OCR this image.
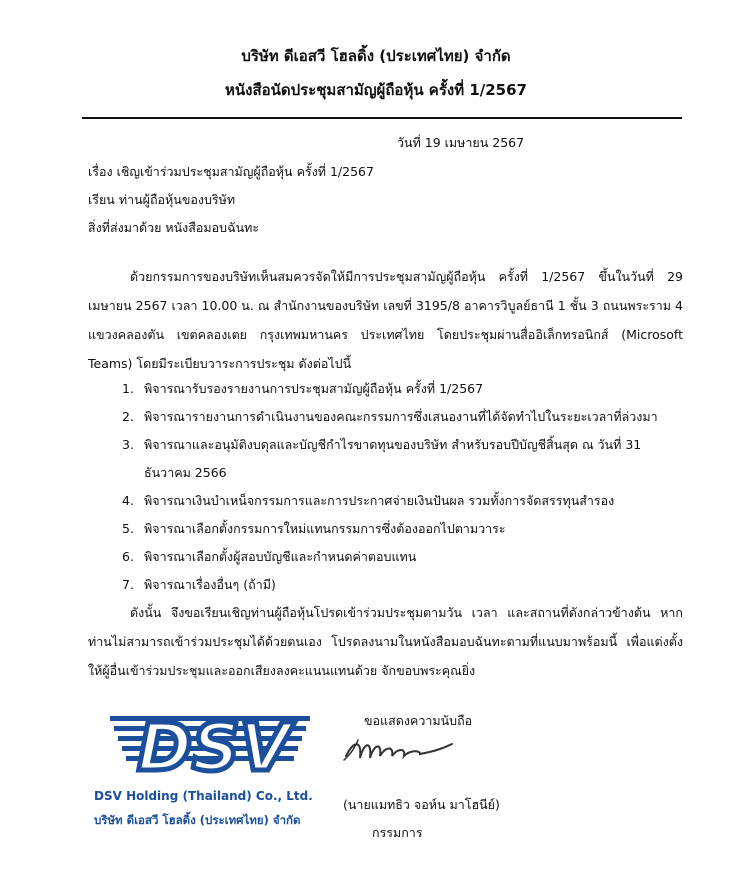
บริษัท ดีเอสวี โฮลดิ้ง (ประเทศไทย) จำกัด
หนังสือนัดประชุมสามัญผู้ถือหุ้น ครั้งที่ 1/2567
วันที่ 19 เมษายน 2567
เรื่อง เชิญเข้าร่วมประชุมสามัญผู้ถือหุ้น ครั้งที่ 1/2567
เรียน ท่านผู้ถือหุ้นของบริษัท
สิ่งที่ส่งมาด้วย หนังสือมอบฉันทะ
ด้วยกรรมการของบริษัทเห็นสมควรจัดให้มีการประชุมสามัญผู้ถือหุ้น ครั้งที่ 1/2567 ขึ้นในวันที่ 29 เมษายน 2567 เวลา 10.00 น. ณ สำนักงานของบริษัท เลขที่ 3195/8 อาคารวิบูลย์ธานี 1 ชั้น 3 ถนนพระราม 4 แขวงคลองตัน เขตคลองเตย กรุงเทพมหานคร ประเทศไทย โดยประชุมผ่านสื่ออิเล็กทรอนิกส์ (Microsoft Teams) โดยมีระเบียบวาระการประชุม ดังต่อไปนี้
1. พิจารณารับรองรายงานการประชุมสามัญผู้ถือหุ้น ครั้งที่ 1/2567
2. พิจารณารายงานการดำเนินงานของคณะกรรมการซึ่งเสนองานที่ได้จัดทำไปในระยะเวลาที่ล่วงมา
3. พิจารณาและอนุมัติงบดุลและบัญชีกำไรขาดทุนของบริษัท สำหรับรอบปีบัญชีสิ้นสุด ณ วันที่ 31 ธันวาคม 2566
4. พิจารณาเงินบำเหน็จกรรมการและการประกาศจ่ายเงินปันผล รวมทั้งการจัดสรรทุนสำรอง
5. พิจารณาเลือกตั้งกรรมการใหม่แทนกรรมการซึ่งต้องออกไปตามวาระ
6. พิจารณาเลือกตั้งผู้สอบบัญชีและกำหนดค่าตอบแทน
7. พิจารณาเรื่องอื่นๆ (ถ้ามี)
ดังนั้น จึงขอเรียนเชิญท่านผู้ถือหุ้นโปรดเข้าร่วมประชุมตามวัน เวลา และสถานที่ดังกล่าวข้างต้น หากท่านไม่สามารถเข้าร่วมประชุมได้ด้วยตนเอง โปรดลงนามในหนังสือมอบฉันทะตามที่แนบมาพร้อมนี้ เพื่อแต่งตั้งให้ผู้อื่นเข้าร่วมประชุมและออกเสียงลงคะแนนแทนด้วย จักขอบพระคุณยิ่ง
DSV
DSV Holding (Thailand) Co., Ltd.
บริษัท ดีเอสวี โฮลดิ้ง (ประเทศไทย) จำกัด
ขอแสดงความนับถือ
(นายแมทธิว จอห์น มาโฮนีย์)
กรรมการ
